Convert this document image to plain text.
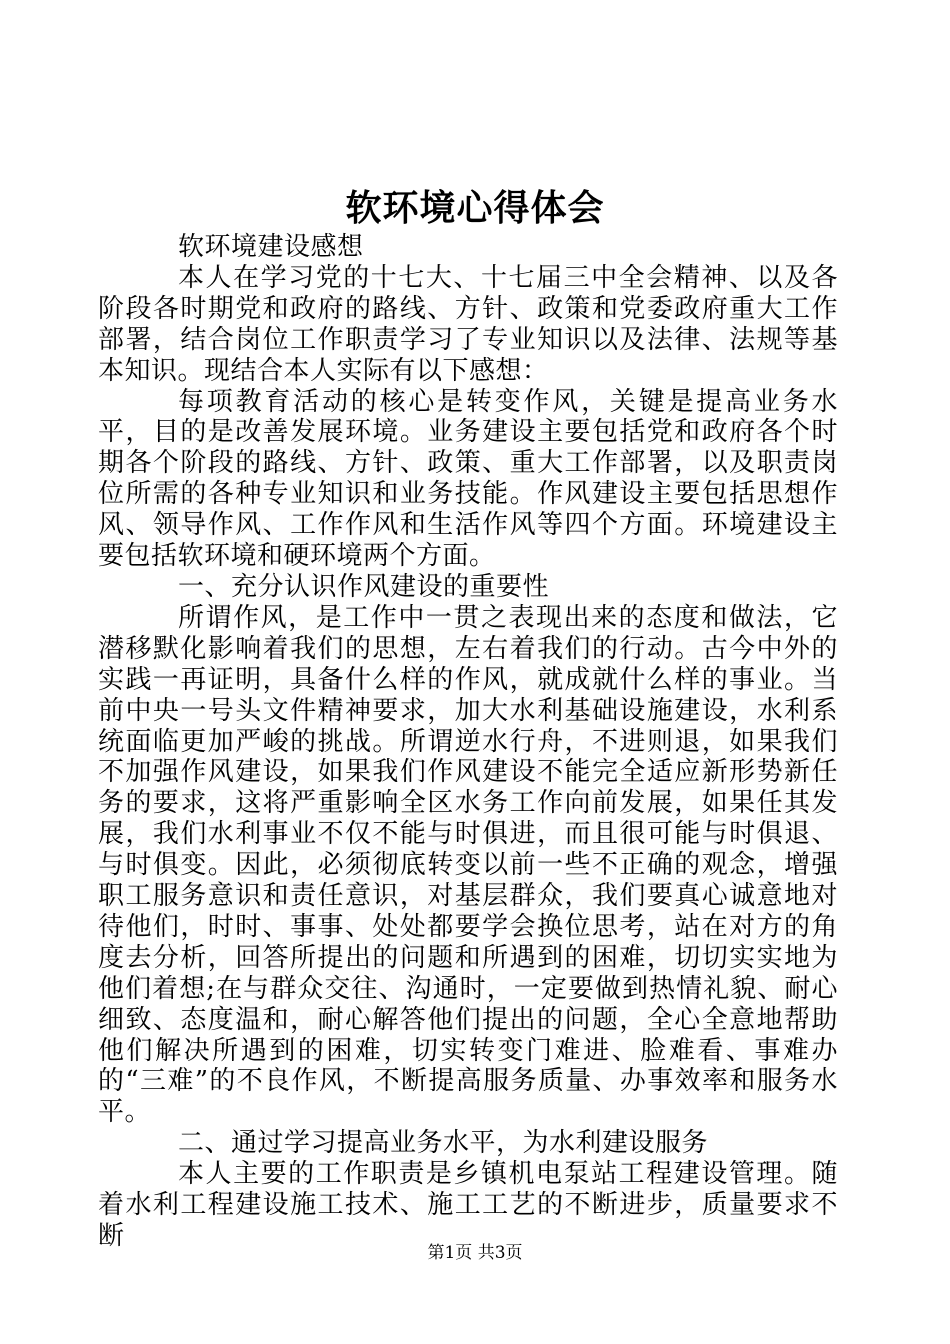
软环境心得体会

软环境建设感想

本人在学习党的十七大、十七届三中全会精神、以及各阶段各时期党和政府的路线、方针、政策和党委政府重大工作部署，结合岗位工作职责学习了专业知识以及法律、法规等基本知识。现结合本人实际有以下感想：

每项教育活动的核心是转变作风，关键是提高业务水平，目的是改善发展环境。业务建设主要包括党和政府各个时期各个阶段的路线、方针、政策、重大工作部署，以及职责岗位所需的各种专业知识和业务技能。作风建设主要包括思想作风、领导作风、工作作风和生活作风等四个方面。环境建设主要包括软环境和硬环境两个方面。

一、充分认识作风建设的重要性

所谓作风，是工作中一贯之表现出来的态度和做法，它潜移默化影响着我们的思想，左右着我们的行动。古今中外的实践一再证明，具备什么样的作风，就成就什么样的事业。当前中央一号头文件精神要求，加大水利基础设施建设，水利系统面临更加严峻的挑战。所谓逆水行舟，不进则退，如果我们不加强作风建设，如果我们作风建设不能完全适应新形势新任务的要求，这将严重影响全区水务工作向前发展，如果任其发展，我们水利事业不仅不能与时俱进，而且很可能与时俱退、与时俱变。因此，必须彻底转变以前一些不正确的观念，增强职工服务意识和责任意识，对基层群众，我们要真心诚意地对待他们，时时、事事、处处都要学会换位思考，站在对方的角度去分析，回答所提出的问题和所遇到的困难，切切实实地为他们着想;在与群众交往、沟通时，一定要做到热情礼貌、耐心细致、态度温和，耐心解答他们提出的问题，全心全意地帮助他们解决所遇到的困难，切实转变门难进、脸难看、事难办的“三难”的不良作风，不断提高服务质量、办事效率和服务水平。

二、通过学习提高业务水平，为水利建设服务

本人主要的工作职责是乡镇机电泵站工程建设管理。随着水利工程建设施工技术、施工工艺的不断进步，质量要求不断

第1页 共3页
